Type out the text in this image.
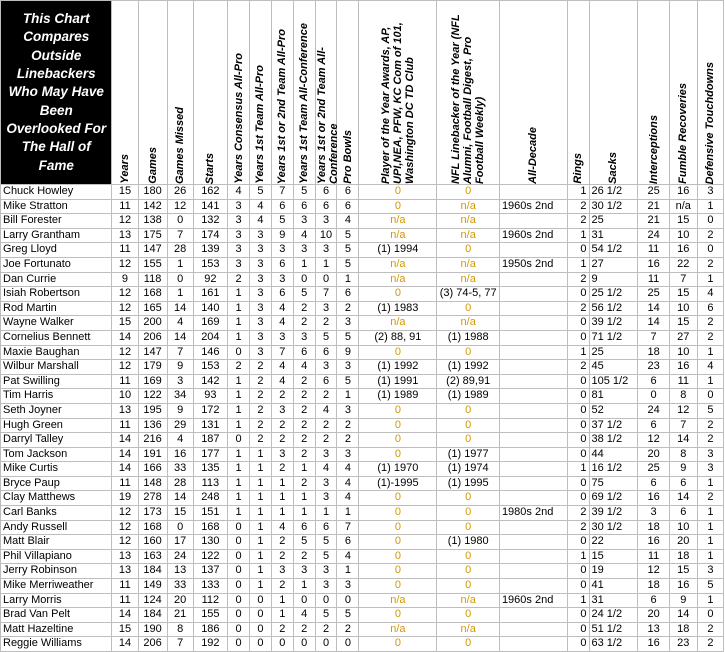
This Chart Compares Outside Linebackers Who May Have Been Overlooked For The Hall of Fame	Years	Games	Games Missed	Starts	Years Consensus All-Pro	Years 1st Team All-Pro	Years 1st or 2nd Team All-Pro	Years 1st Team All-Conference	Years 1st or 2nd Team All-Conference	Pro Bowls	Player of the Year Awards, AP, UPI,NEA, PFW, KC Com of 101, Washington DC TD Club	NFL Linebacker of the Year (NFL Alumni, Football Digest, Pro Football Weekly)	All-Decade	Rings	Sacks	Interceptions	Fumble Recoveries	Defensive Touchdowns

Chuck Howley	15	180	26	162	4	5	7	5	6	6	0	0		1	26 1/2	25	16	3
Mike Stratton	11	142	12	141	3	4	6	6	6	6	0	n/a	1960s 2nd	2	30 1/2	21	n/a	1
Bill Forester	12	138	0	132	3	4	5	3	3	4	n/a	n/a		2	25	21	15	0
Larry Grantham	13	175	7	174	3	3	9	4	10	5	n/a	n/a	1960s 2nd	1	31	24	10	2
Greg Lloyd	11	147	28	139	3	3	3	3	3	5	(1) 1994	0		0	54 1/2	11	16	0
Joe Fortunato	12	155	1	153	3	3	6	1	1	5	n/a	n/a	1950s 2nd	1	27	16	22	2
Dan Currie	9	118	0	92	2	3	3	0	0	1	n/a	n/a		2	9	11	7	1
Isiah Robertson	12	168	1	161	1	3	6	5	7	6	0	(3) 74-5, 77		0	25 1/2	25	15	4
Rod Martin	12	165	14	140	1	3	4	2	3	2	(1) 1983	0		2	56 1/2	14	10	6
Wayne Walker	15	200	4	169	1	3	4	2	2	3	n/a	n/a		0	39 1/2	14	15	2
Cornelius Bennett	14	206	14	204	1	3	3	3	5	5	(2) 88, 91	(1) 1988		0	71 1/2	7	27	2
Maxie Baughan	12	147	7	146	0	3	7	6	6	9	0	0		1	25	18	10	1
Wilbur Marshall	12	179	9	153	2	2	4	4	3	3	(1) 1992	(1) 1992		2	45	23	16	4
Pat Swilling	11	169	3	142	1	2	4	2	6	5	(1) 1991	(2) 89,91		0	105 1/2	6	11	1
Tim Harris	10	122	34	93	1	2	2	2	2	1	(1) 1989	(1) 1989		0	81	0	8	0
Seth Joyner	13	195	9	172	1	2	3	2	4	3	0	0		0	52	24	12	5
Hugh Green	11	136	29	131	1	2	2	2	2	2	0	0		0	37 1/2	6	7	2
Darryl Talley	14	216	4	187	0	2	2	2	2	2	0	0		0	38 1/2	12	14	2
Tom Jackson	14	191	16	177	1	1	3	2	3	3	0	(1) 1977		0	44	20	8	3
Mike Curtis	14	166	33	135	1	1	2	1	4	4	(1) 1970	(1) 1974		1	16 1/2	25	9	3
Bryce Paup	11	148	28	113	1	1	1	2	3	4	(1)-1995	(1) 1995		0	75	6	6	1
Clay Matthews	19	278	14	248	1	1	1	1	3	4	0	0		0	69 1/2	16	14	2
Carl Banks	12	173	15	151	1	1	1	1	1	1	0	0	1980s 2nd	2	39 1/2	3	6	1
Andy Russell	12	168	0	168	0	1	4	6	6	7	0	0		2	30 1/2	18	10	1
Matt Blair	12	160	17	130	0	1	2	5	5	6	0	(1) 1980		0	22	16	20	1
Phil Villapiano	13	163	24	122	0	1	2	2	5	4	0	0		1	15	11	18	1
Jerry Robinson	13	184	13	137	0	1	3	3	3	1	0	0		0	19	12	15	3
Mike Merriweather	11	149	33	133	0	1	2	1	3	3	0	0		0	41	18	16	5
Larry Morris	11	124	20	112	0	0	1	0	0	0	n/a	n/a	1960s 2nd	1	31	6	9	1
Brad Van Pelt	14	184	21	155	0	0	1	4	5	5	0	0		0	24 1/2	20	14	0
Matt Hazeltine	15	190	8	186	0	0	2	2	2	2	n/a	n/a		0	51 1/2	13	18	2
Reggie Williams	14	206	7	192	0	0	0	0	0	0	0	0		0	63 1/2	16	23	2
